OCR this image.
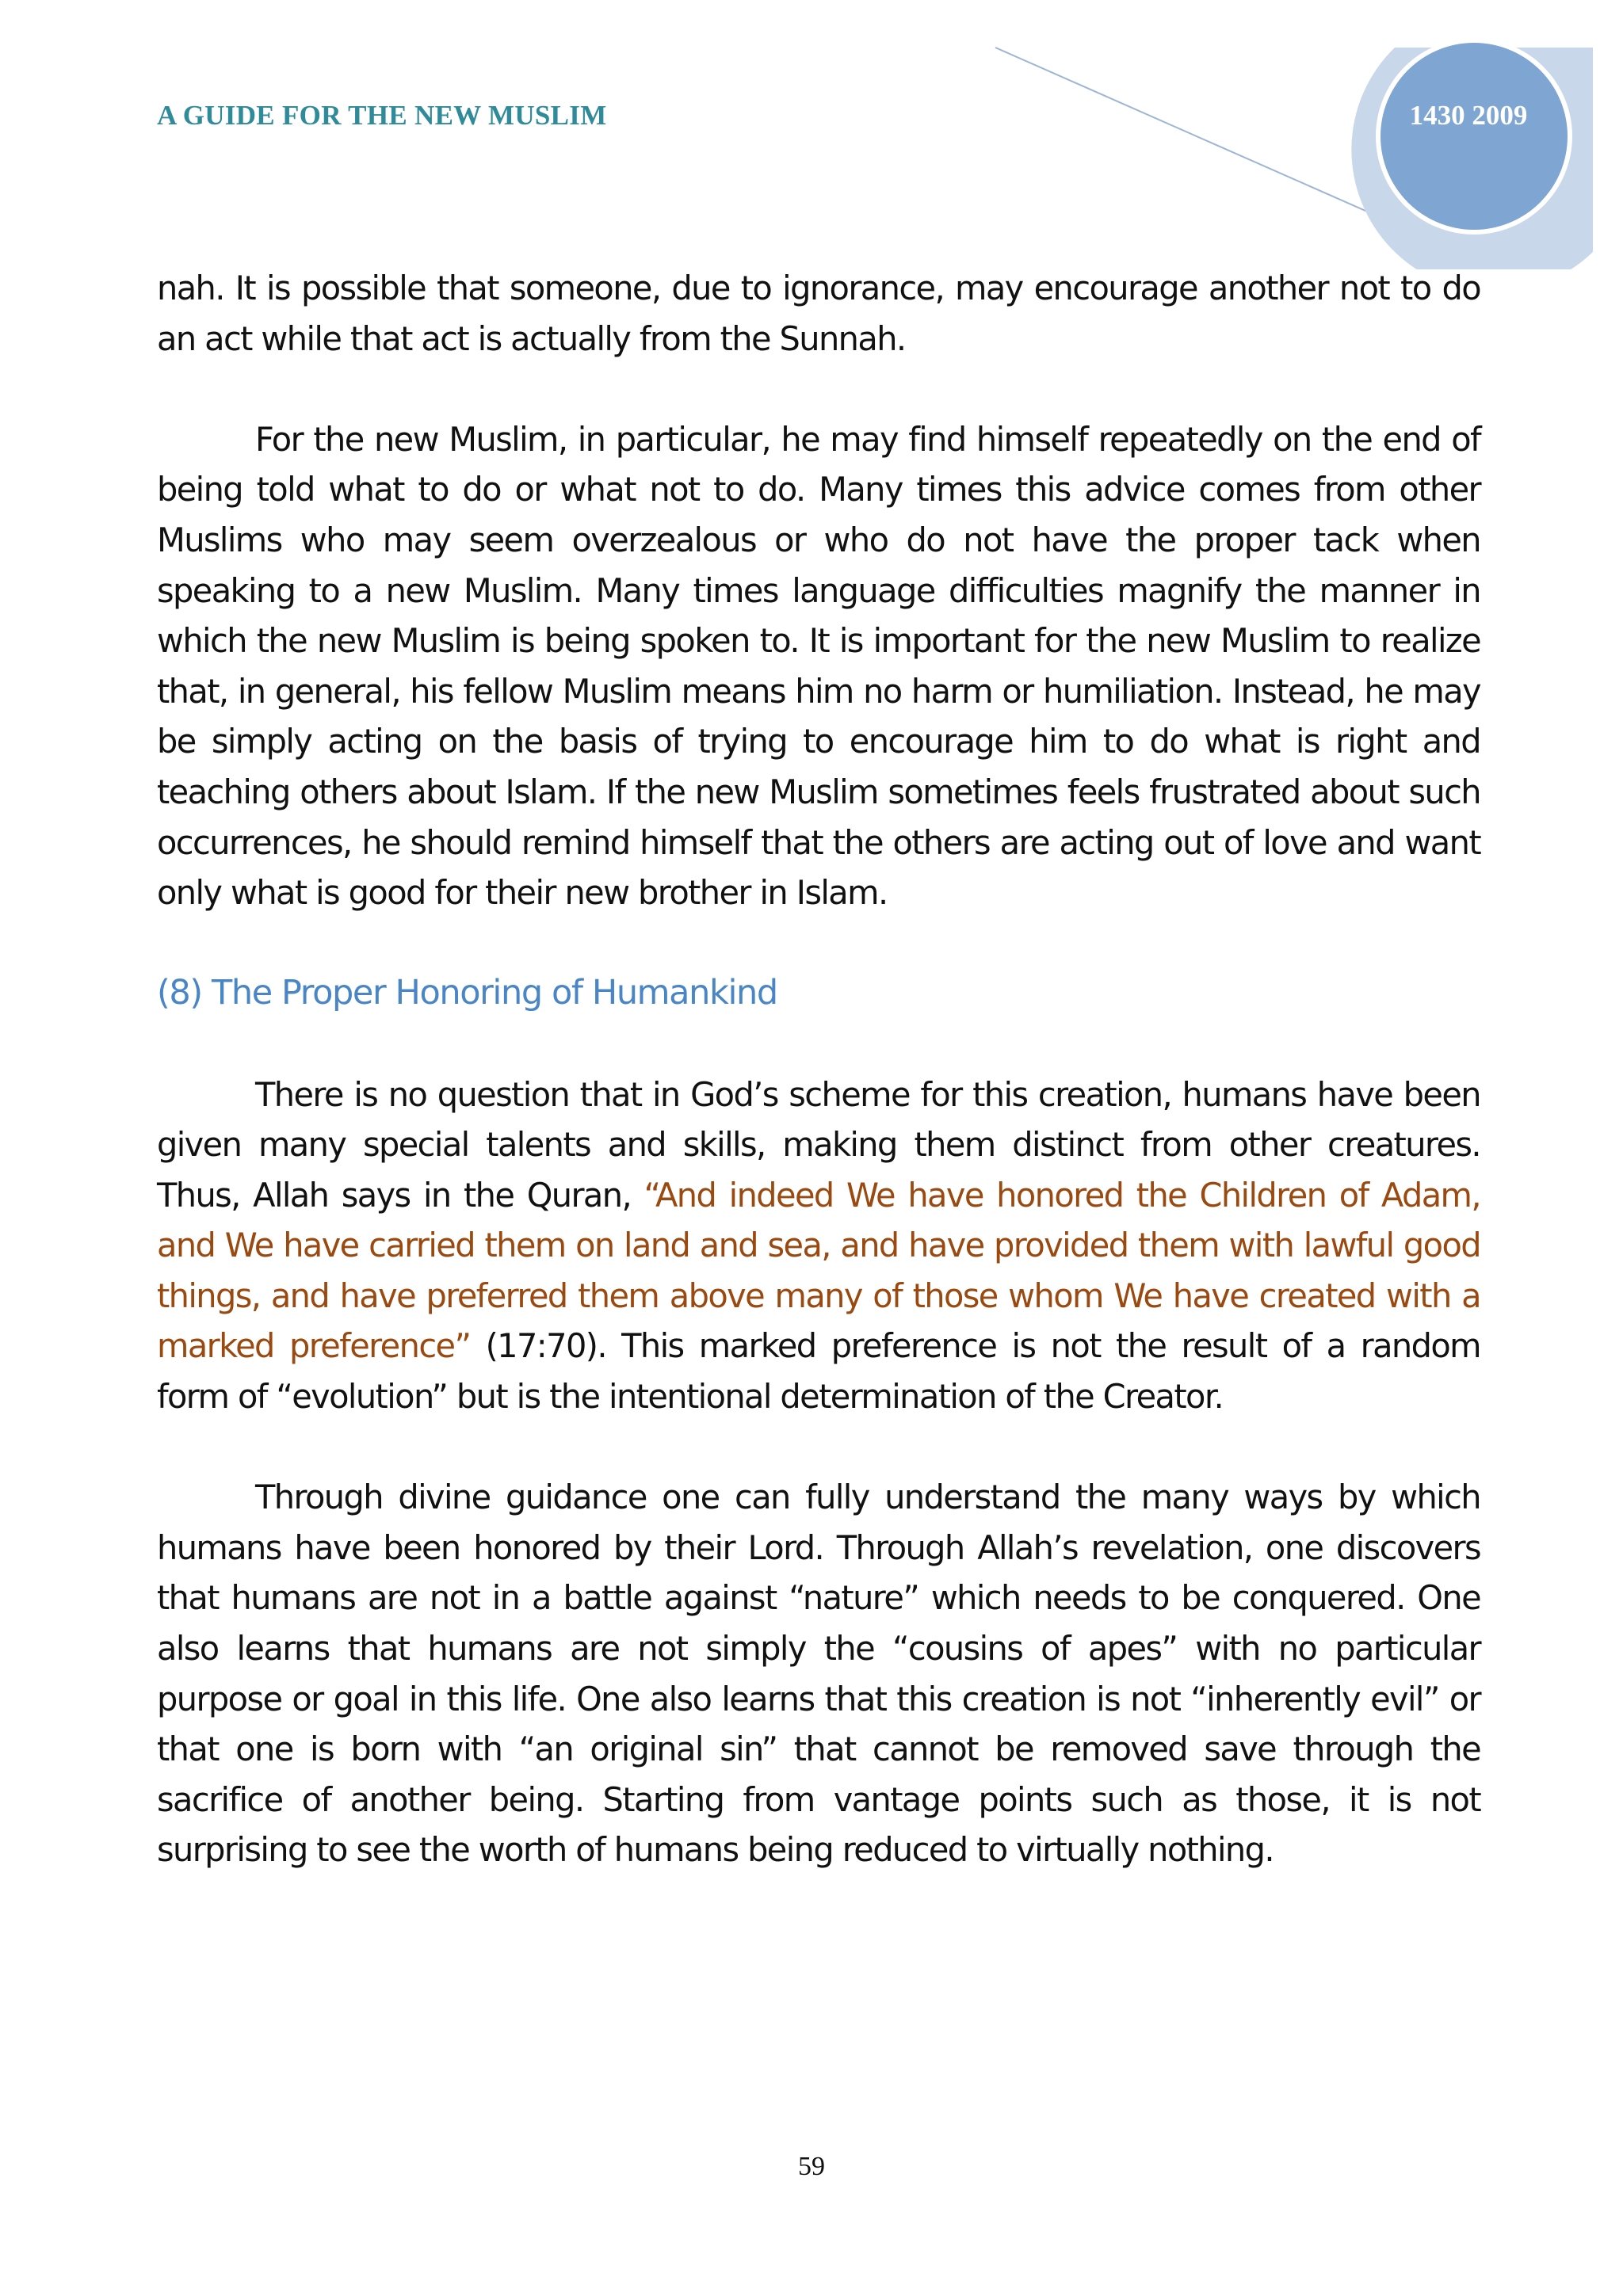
A GUIDE FOR THE NEW MUSLIM	1430 2009

nah. It is possible that someone, due to ignorance, may encourage another not to do an act while that act is actually from the Sunnah.

For the new Muslim, in particular, he may find himself repeatedly on the end of being told what to do or what not to do. Many times this advice comes from other Muslims who may seem overzealous or who do not have the proper tack when speaking to a new Muslim. Many times language difficulties magnify the manner in which the new Muslim is being spoken to. It is important for the new Muslim to realize that, in general, his fellow Muslim means him no harm or humiliation. Instead, he may be simply acting on the basis of trying to encourage him to do what is right and teaching others about Islam. If the new Muslim sometimes feels frustrated about such occurrences, he should remind himself that the others are acting out of love and want only what is good for their new brother in Islam.

(8) The Proper Honoring of Humankind

There is no question that in God’s scheme for this creation, humans have been given many special talents and skills, making them distinct from other creatures. Thus, Allah says in the Quran, “And indeed We have honored the Children of Adam, and We have carried them on land and sea, and have provided them with lawful good things, and have preferred them above many of those whom We have created with a marked preference” (17:70). This marked preference is not the result of a random form of “evolution” but is the intentional determination of the Creator.

Through divine guidance one can fully understand the many ways by which humans have been honored by their Lord. Through Allah’s revelation, one discovers that humans are not in a battle against “nature” which needs to be conquered. One also learns that humans are not simply the “cousins of apes” with no particular purpose or goal in this life. One also learns that this creation is not “inherently evil” or that one is born with “an original sin” that cannot be removed save through the sacrifice of another being. Starting from vantage points such as those, it is not surprising to see the worth of humans being reduced to virtually nothing.

59
